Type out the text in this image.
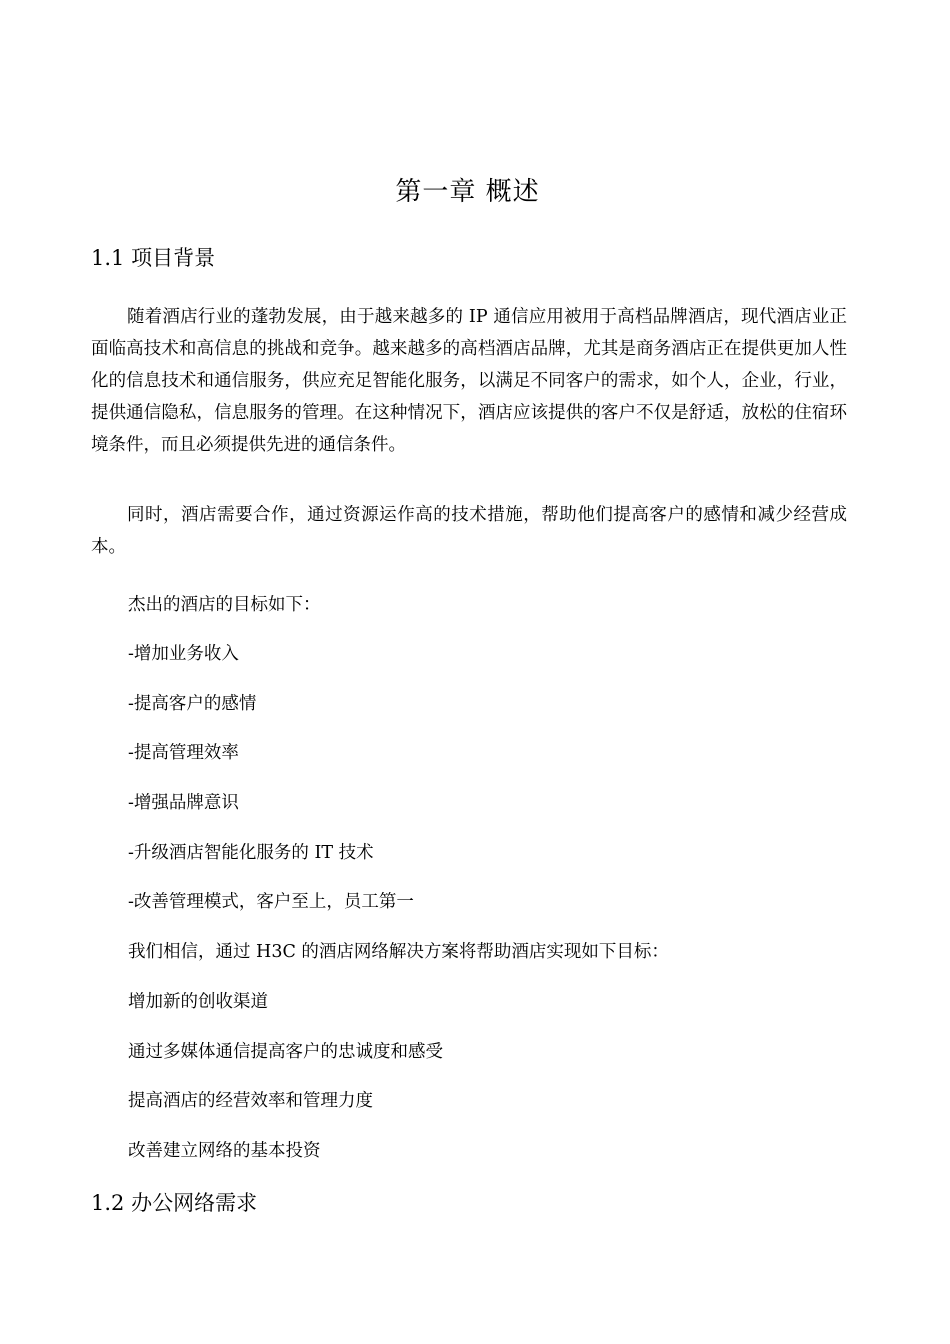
第一章 概述
1.1 项目背景

随着酒店行业的蓬勃发展，由于越来越多的 IP 通信应用被用于高档品牌酒店，现代酒店业正面临高技术和高信息的挑战和竞争。越来越多的高档酒店品牌，尤其是商务酒店正在提供更加人性化的信息技术和通信服务，供应充足智能化服务，以满足不同客户的需求，如个人，企业，行业，提供通信隐私，信息服务的管理。在这种情况下，酒店应该提供的客户不仅是舒适，放松的住宿环境条件，而且必须提供先进的通信条件。

同时，酒店需要合作，通过资源运作高的技术措施，帮助他们提高客户的感情和减少经营成本。

杰出的酒店的目标如下：

-增加业务收入

-提高客户的感情

-提高管理效率

-增强品牌意识

-升级酒店智能化服务的 IT 技术

-改善管理模式，客户至上，员工第一

我们相信，通过 H3C 的酒店网络解决方案将帮助酒店实现如下目标：

增加新的创收渠道

通过多媒体通信提高客户的忠诚度和感受

提高酒店的经营效率和管理力度

改善建立网络的基本投资

1.2 办公网络需求
